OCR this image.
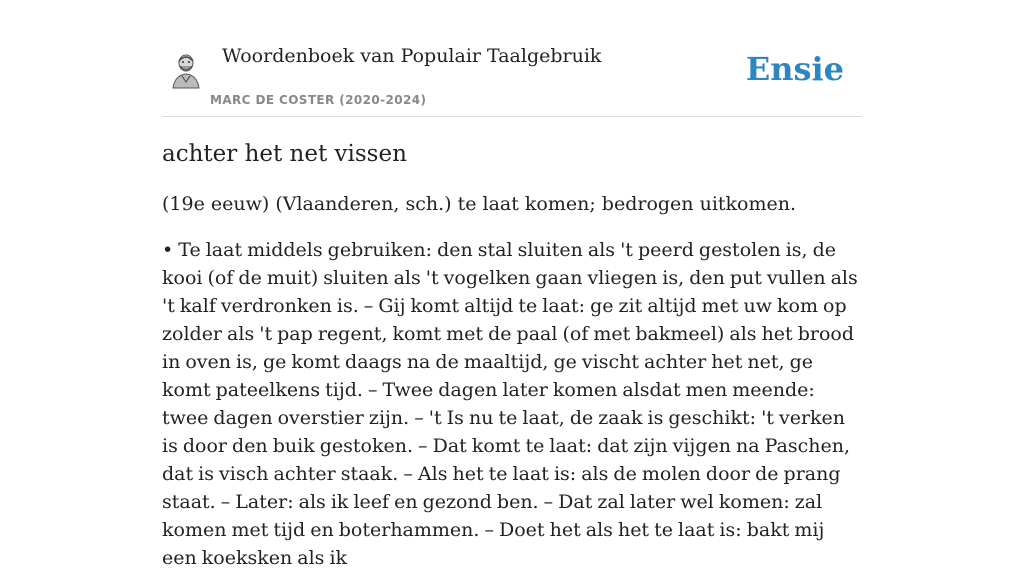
Woordenboek van Populair Taalgebruik
MARC DE COSTER (2020-2024)
Ensie
achter het net vissen

(19e eeuw) (Vlaanderen, sch.) te laat komen; bedrogen uitkomen.

• Te laat middels gebruiken: den stal sluiten als 't peerd gestolen is, de kooi (of de muit) sluiten als 't vogelken gaan vliegen is, den put vullen als 't kalf verdronken is. – Gij komt altijd te laat: ge zit altijd met uw kom op zolder als 't pap regent, komt met de paal (of met bakmeel) als het brood in oven is, ge komt daags na de maaltijd, ge vischt achter het net, ge komt pateelkens tijd. – Twee dagen later komen alsdat men meende: twee dagen overstier zijn. – 't Is nu te laat, de zaak is geschikt: 't verken is door den buik gestoken. – Dat komt te laat: dat zijn vijgen na Paschen, dat is visch achter staak. – Als het te laat is: als de molen door de prang staat. – Later: als ik leef en gezond ben. – Dat zal later wel komen: zal komen met tijd en boterhammen. – Doet het als het te laat is: bakt mij een koeksken als ik
